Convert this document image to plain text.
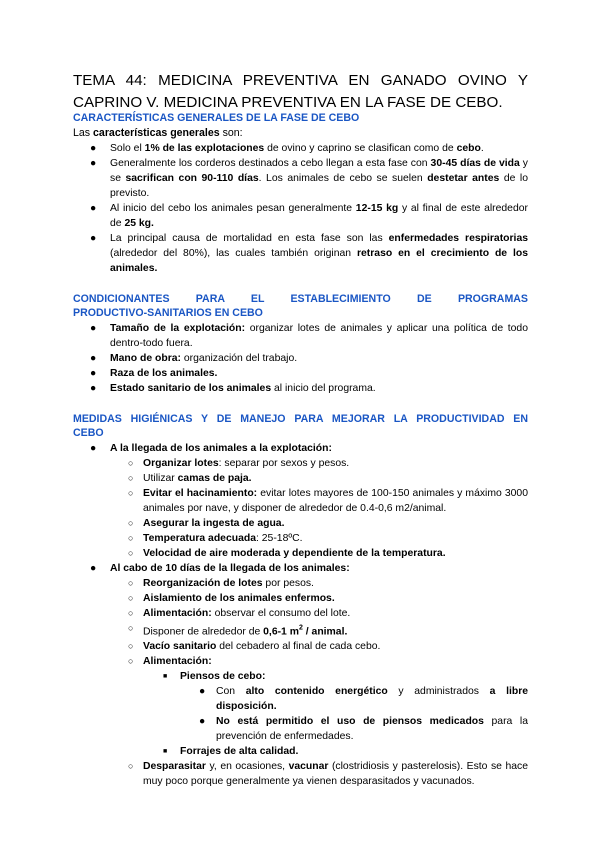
TEMA 44: MEDICINA PREVENTIVA EN GANADO OVINO Y
CAPRINO V. MEDICINA PREVENTIVA EN LA FASE DE CEBO.
CARACTERÍSTICAS GENERALES DE LA FASE DE CEBO

Las características generales son:

● Solo el 1% de las explotaciones de ovino y caprino se clasifican como de cebo.
● Generalmente los corderos destinados a cebo llegan a esta fase con 30-45 días de vida y se sacrifican con 90-110 días. Los animales de cebo se suelen destetar antes de lo previsto.
● Al inicio del cebo los animales pesan generalmente 12-15 kg y al final de este alrededor de 25 kg.
● La principal causa de mortalidad en esta fase son las enfermedades respiratorias (alrededor del 80%), las cuales también originan retraso en el crecimiento de los animales.
CONDICIONANTES PARA EL ESTABLECIMIENTO DE PROGRAMAS
PRODUCTIVO-SANITARIOS EN CEBO
● Tamaño de la explotación: organizar lotes de animales y aplicar una política de todo dentro-todo fuera.
● Mano de obra: organización del trabajo.
● Raza de los animales.
● Estado sanitario de los animales al inicio del programa.
MEDIDAS HIGIÉNICAS Y DE MANEJO PARA MEJORAR LA PRODUCTIVIDAD EN
CEBO
● A la llegada de los animales a la explotación:
○ Organizar lotes: separar por sexos y pesos.
○ Utilizar camas de paja.
○ Evitar el hacinamiento: evitar lotes mayores de 100-150 animales y máximo 3000 animales por nave, y disponer de alrededor de 0.4-0,6 m2/animal.
○ Asegurar la ingesta de agua.
○ Temperatura adecuada: 25-18ºC.
○ Velocidad de aire moderada y dependiente de la temperatura.
● Al cabo de 10 días de la llegada de los animales:
○ Reorganización de lotes por pesos.
○ Aislamiento de los animales enfermos.
○ Alimentación: observar el consumo del lote.
○ Disponer de alrededor de 0,6-1 $m^2$ / animal.
○ Vacío sanitario del cebadero al final de cada cebo.
○ Alimentación:
■ Piensos de cebo:
● Con alto contenido energético y administrados a libre disposición.
● No está permitido el uso de piensos medicados para la prevención de enfermedades.
■ Forrajes de alta calidad.
○ Desparasitar y, en ocasiones, vacunar (clostridiosis y pasterelosis). Esto se hace muy poco porque generalmente ya vienen desparasitados y vacunados.
